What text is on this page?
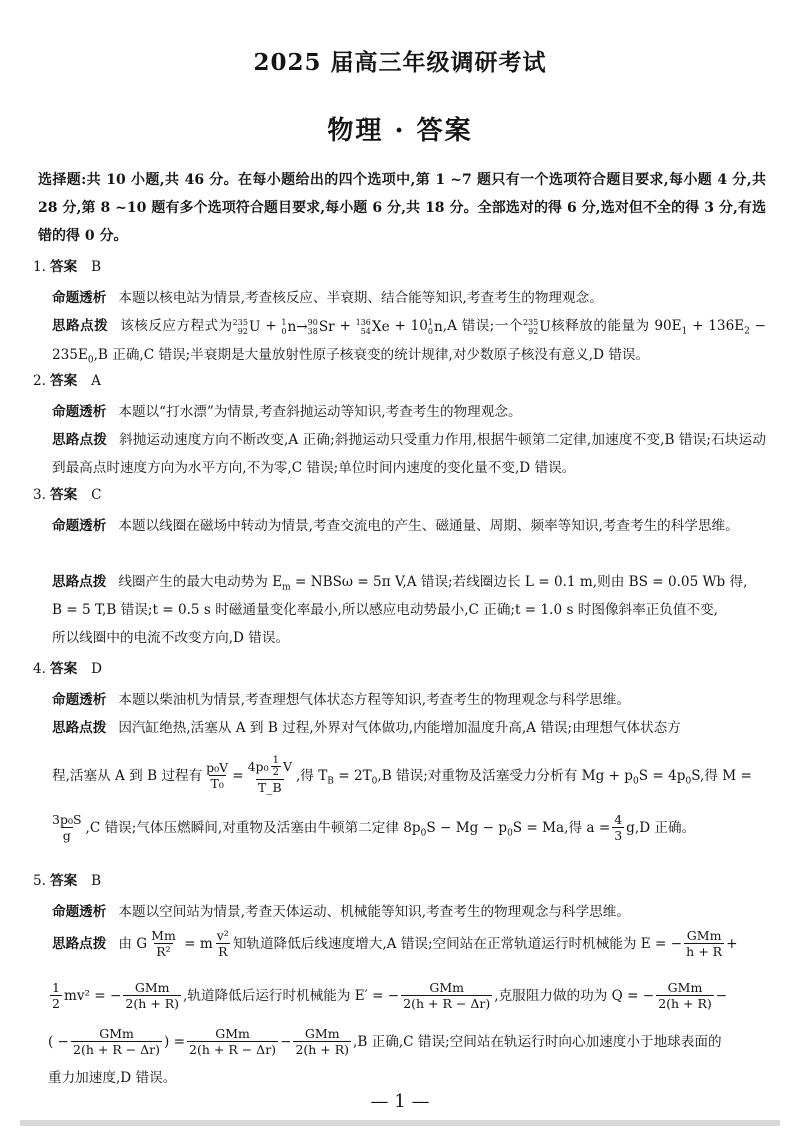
2025 届高三年级调研考试
物理 · 答案
选择题:共 10 小题,共 46 分。在每小题给出的四个选项中,第 1 ~7 题只有一个选项符合题目要求,每小题 4 分,共 28 分,第 8 ~10 题有多个选项符合题目要求,每小题 6 分,共 18 分。全部选对的得 6 分,选对但不全的得 3 分,有选错的得 0 分。
1. 答案 B
命题透析 本题以核电站为情景,考查核反应、半衰期、结合能等知识,考查考生的物理观念。
思路点拨 该核反应方程式为 235
92 U + 1
0 n→ 90
38 Sr + 136
54 Xe + 10 1
0 n ,A 错误;一个 235
92 U 核释放的能量为 $90E_1 + 136E_2 - 235E_0,B$ 正确,C 错误;半衰期是大量放射性原子核衰变的统计规律,对少数原子核没有意义,D 错误。
2. 答案 A
命题透析 本题以“打水漂”为情景,考查斜抛运动等知识,考查考生的物理观念。
思路点拨 斜抛运动速度方向不断改变,A 正确;斜抛运动只受重力作用,根据牛顿第二定律,加速度不变,B 错误;石块运动到最高点时速度方向为水平方向,不为零,C 错误;单位时间内速度的变化量不变,D 错误。
3. 答案 C
命题透析 本题以线圈在磁场中转动为情景,考查交流电的产生、磁通量、周期、频率等知识,考查考生的科学思维。
思路点拨 线圈产生的最大电动势为 $E_m = NBS\omega = 5\pi$ V,A 错误;若线圈边长 L = 0.1 m,则由 BS = 0.05 Wb 得,
B = 5 T,B 错误;t = 0.5 s 时磁通量变化率最小,所以感应电动势最小,C 正确;t = 1.0 s 时图像斜率正负值不变,
所以线圈中的电流不改变方向,D 错误。
4. 答案 D
命题透析 本题以柴油机为情景,考查理想气体状态方程等知识,考查考生的物理观念与科学思维。
思路点拨 因汽缸绝热,活塞从 A 到 B 过程,外界对气体做功,内能增加温度升高,A 错误;由理想气体状态方
程,活塞从 A 到 B 过程有 $\frac{\text{p₀V}}{\text{T₀}} = \frac{4p_0 \frac{1}{2} V}{T\_B}$ ,得 $T_B = 2T_0,B$ 错误;对重物及活塞受力分析有 $Mg + p_0S = 4p_0S$,得 M =
$\frac{\text{3p₀S}}{g} ,C$ 错误;气体压燃瞬间,对重物及活塞由牛顿第二定律 $8p_0S - Mg - p_0S = Ma$,得 $a = \frac{4}{3} g,D$ 正确。
5. 答案 B
命题透析 本题以空间站为情景,考查天体运动、机械能等知识,考查考生的物理观念与科学思维。
思路点拨 由 G $\frac{Mm}{\text{R²}} = m \frac{\text{v²}}{R}$ 知轨道降低后线速度增大,A 错误;空间站在正常轨道运行时机械能为 E = − $\frac{\text{GMm}}{h + R}$ +
$\frac{1}{2} mv^2$ = − $\frac{\text{GMm}}{2(h + R)}$ ,轨道降低后运行时机械能为 E′ = − $\frac{\text{GMm}}{2(h + R - \Delta r)}$ ,克服阻力做的功为 Q = − $\frac{\text{GMm}}{2(h + R)}$ −
( − $\frac{\text{GMm}}{2(h + R - \Delta r)}$ ) = $\frac{\text{GMm}}{2(h + R - \Delta r)} - \frac{\text{GMm}}{2(h + R)} ,B$ 正确,C 错误;空间站在轨运行时向心加速度小于地球表面的
重力加速度,D 错误。
— 1 —
